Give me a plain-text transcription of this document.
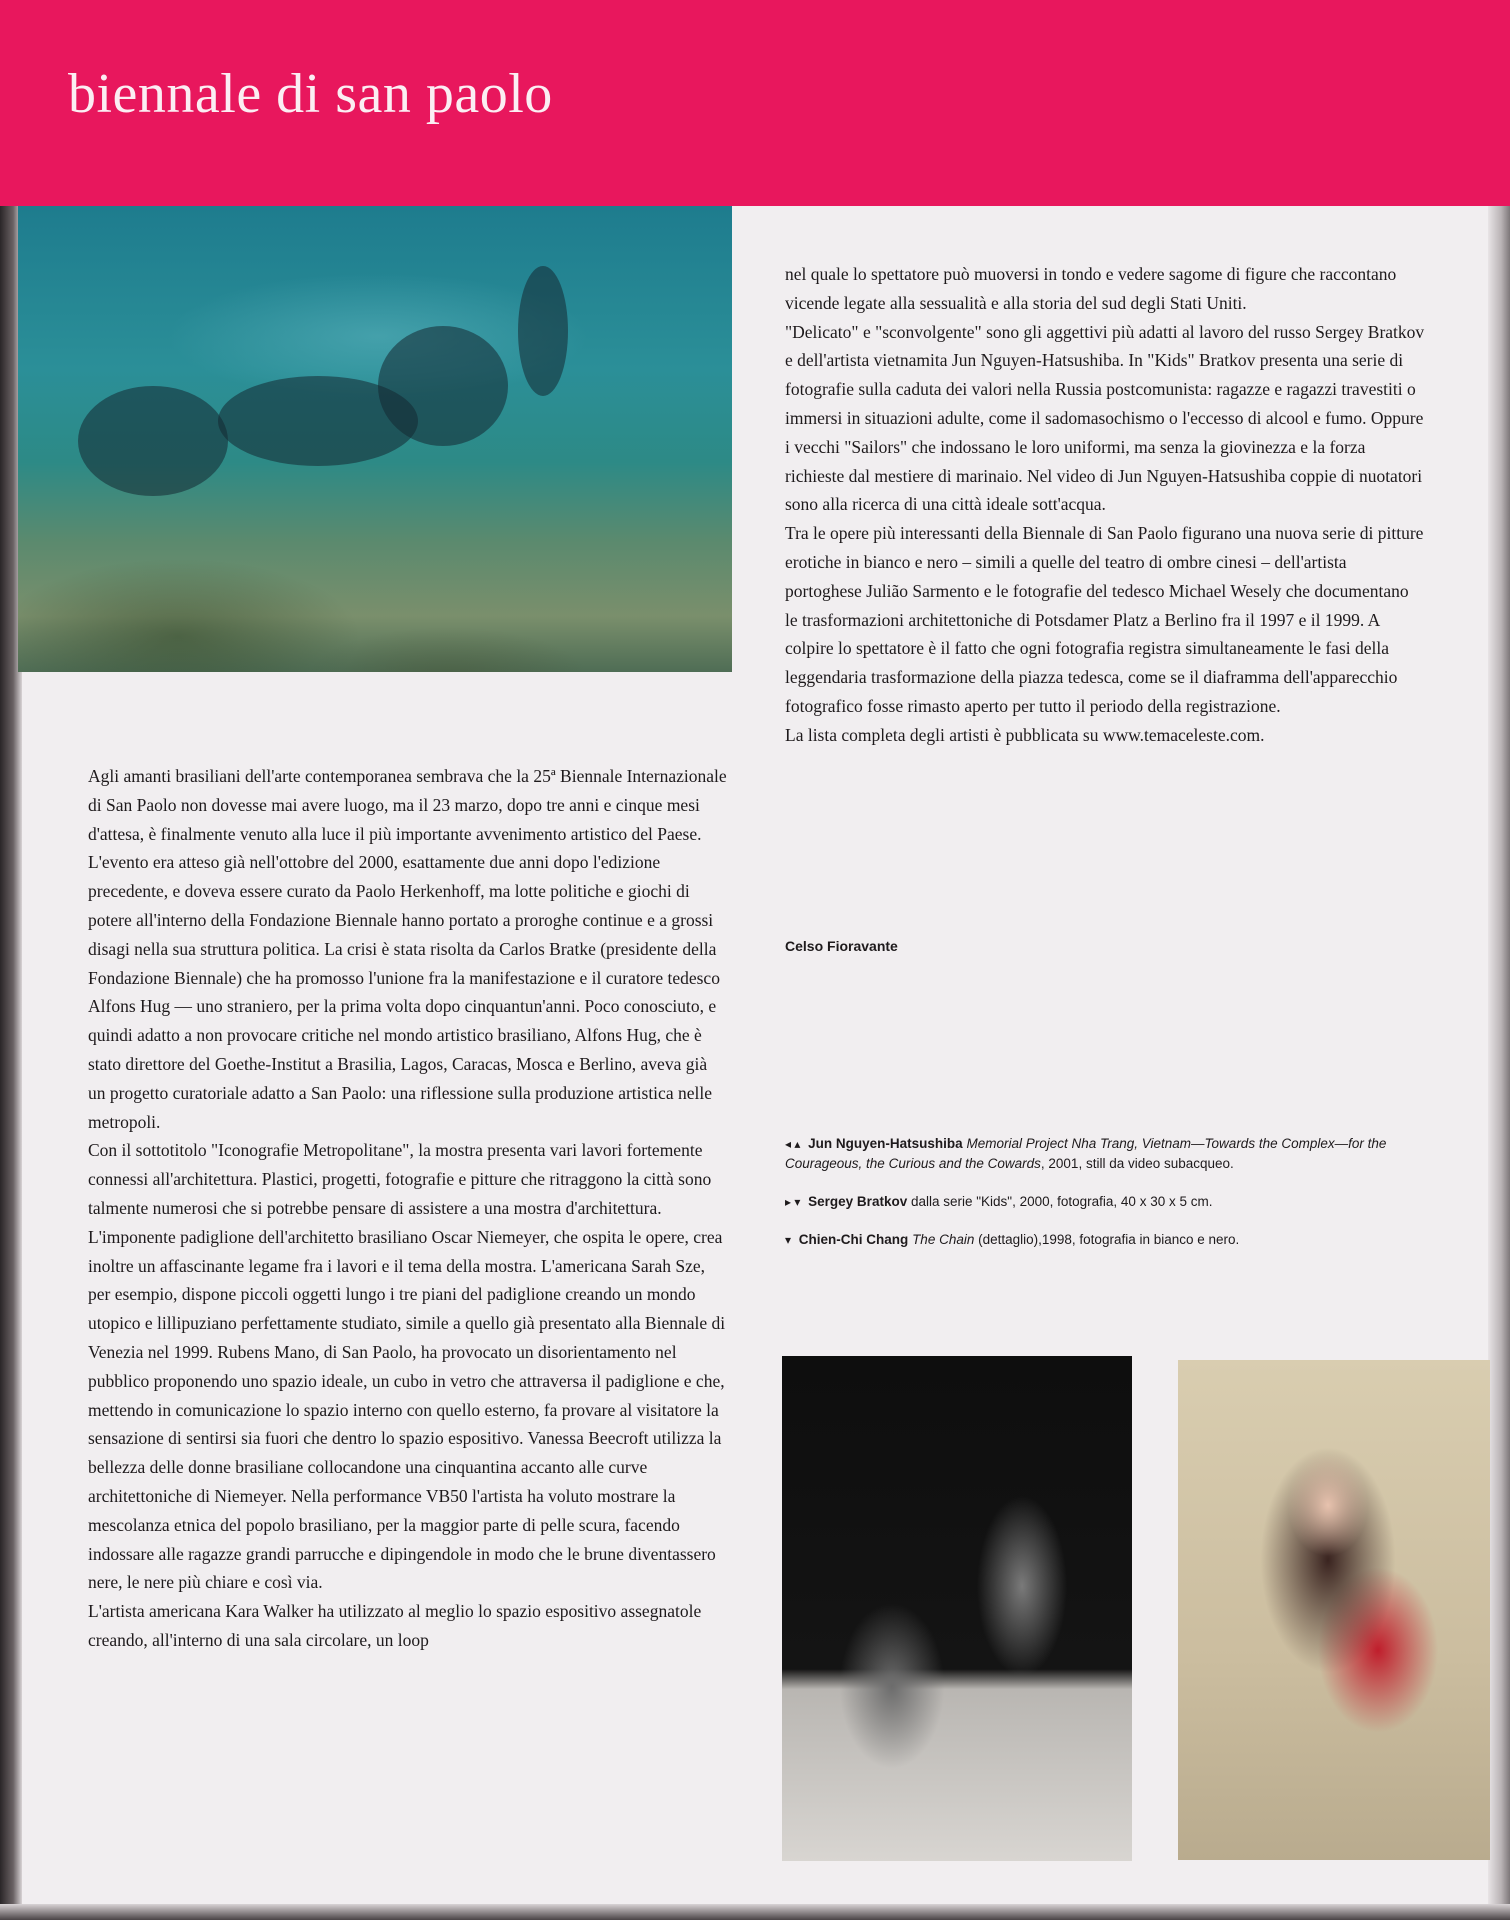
biennale di san paolo

Agli amanti brasiliani dell'arte contemporanea sembrava che la 25ª Biennale Internazionale di San Paolo non dovesse mai avere luogo, ma il 23 marzo, dopo tre anni e cinque mesi d'attesa, è finalmente venuto alla luce il più importante avvenimento artistico del Paese.

L'evento era atteso già nell'ottobre del 2000, esattamente due anni dopo l'edizione precedente, e doveva essere curato da Paolo Herkenhoff, ma lotte politiche e giochi di potere all'interno della Fondazione Biennale hanno portato a proroghe continue e a grossi disagi nella sua struttura politica. La crisi è stata risolta da Carlos Bratke (presidente della Fondazione Biennale) che ha promosso l'unione fra la manifestazione e il curatore tedesco Alfons Hug — uno straniero, per la prima volta dopo cinquantun'anni. Poco conosciuto, e quindi adatto a non provocare critiche nel mondo artistico brasiliano, Alfons Hug, che è stato direttore del Goethe-Institut a Brasilia, Lagos, Caracas, Mosca e Berlino, aveva già un progetto curatoriale adatto a San Paolo: una riflessione sulla produzione artistica nelle metropoli.

Con il sottotitolo "Iconografie Metropolitane", la mostra presenta vari lavori fortemente connessi all'architettura. Plastici, progetti, fotografie e pitture che ritraggono la città sono talmente numerosi che si potrebbe pensare di assistere a una mostra d'architettura. L'imponente padiglione dell'architetto brasiliano Oscar Niemeyer, che ospita le opere, crea inoltre un affascinante legame fra i lavori e il tema della mostra. L'americana Sarah Sze, per esempio, dispone piccoli oggetti lungo i tre piani del padiglione creando un mondo utopico e lillipuziano perfettamente studiato, simile a quello già presentato alla Biennale di Venezia nel 1999. Rubens Mano, di San Paolo, ha provocato un disorientamento nel pubblico proponendo uno spazio ideale, un cubo in vetro che attraversa il padiglione e che, mettendo in comunicazione lo spazio interno con quello esterno, fa provare al visitatore la sensazione di sentirsi sia fuori che dentro lo spazio espositivo. Vanessa Beecroft utilizza la bellezza delle donne brasiliane collocandone una cinquantina accanto alle curve architettoniche di Niemeyer. Nella performance VB50 l'artista ha voluto mostrare la mescolanza etnica del popolo brasiliano, per la maggior parte di pelle scura, facendo indossare alle ragazze grandi parrucche e dipingendole in modo che le brune diventassero nere, le nere più chiare e così via.

L'artista americana Kara Walker ha utilizzato al meglio lo spazio espositivo assegnatole creando, all'interno di una sala circolare, un loop

nel quale lo spettatore può muoversi in tondo e vedere sagome di figure che raccontano vicende legate alla sessualità e alla storia del sud degli Stati Uniti.

"Delicato" e "sconvolgente" sono gli aggettivi più adatti al lavoro del russo Sergey Bratkov e dell'artista vietnamita Jun Nguyen-Hatsushiba. In "Kids" Bratkov presenta una serie di fotografie sulla caduta dei valori nella Russia postcomunista: ragazze e ragazzi travestiti o immersi in situazioni adulte, come il sadomasochismo o l'eccesso di alcool e fumo. Oppure i vecchi "Sailors" che indossano le loro uniformi, ma senza la giovinezza e la forza richieste dal mestiere di marinaio. Nel video di Jun Nguyen-Hatsushiba coppie di nuotatori sono alla ricerca di una città ideale sott'acqua.

Tra le opere più interessanti della Biennale di San Paolo figurano una nuova serie di pitture erotiche in bianco e nero – simili a quelle del teatro di ombre cinesi – dell'artista portoghese Julião Sarmento e le fotografie del tedesco Michael Wesely che documentano le trasformazioni architettoniche di Potsdamer Platz a Berlino fra il 1997 e il 1999. A colpire lo spettatore è il fatto che ogni fotografia registra simultaneamente le fasi della leggendaria trasformazione della piazza tedesca, come se il diaframma dell'apparecchio fotografico fosse rimasto aperto per tutto il periodo della registrazione.

La lista completa degli artisti è pubblicata su www.temaceleste.com.

Celso Fioravante

◂ ▴ Jun Nguyen-Hatsushiba Memorial Project Nha Trang, Vietnam—Towards the Complex—for the Courageous, the Curious and the Cowards, 2001, still da video subacqueo.

▸ ▾ Sergey Bratkov dalla serie "Kids", 2000, fotografia, 40 x 30 x 5 cm.

▾ Chien-Chi Chang The Chain (dettaglio),1998, fotografia in bianco e nero.
